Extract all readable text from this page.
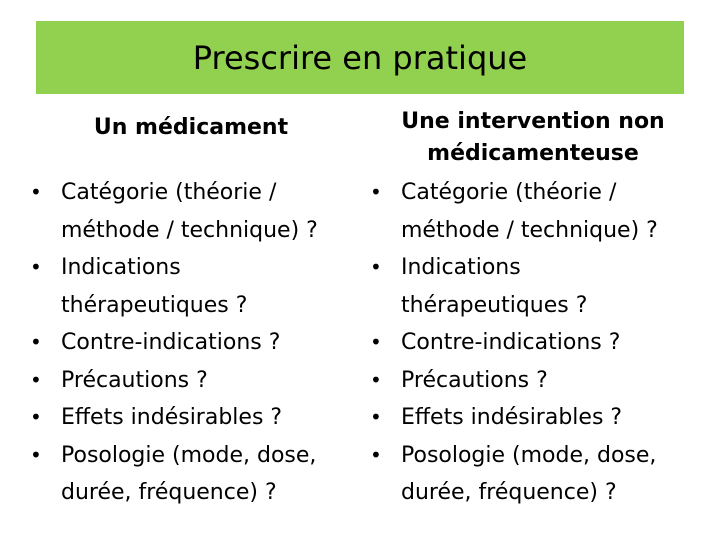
Prescrire en pratique
Un médicament
• Catégorie (théorie / méthode / technique) ?
• Indications thérapeutiques ?
• Contre-indications ?
• Précautions ?
• Effets indésirables ?
• Posologie (mode, dose, durée, fréquence) ?
Une intervention non médicamenteuse
• Catégorie (théorie / méthode / technique) ?
• Indications thérapeutiques ?
• Contre-indications ?
• Précautions ?
• Effets indésirables ?
• Posologie (mode, dose, durée, fréquence) ?
